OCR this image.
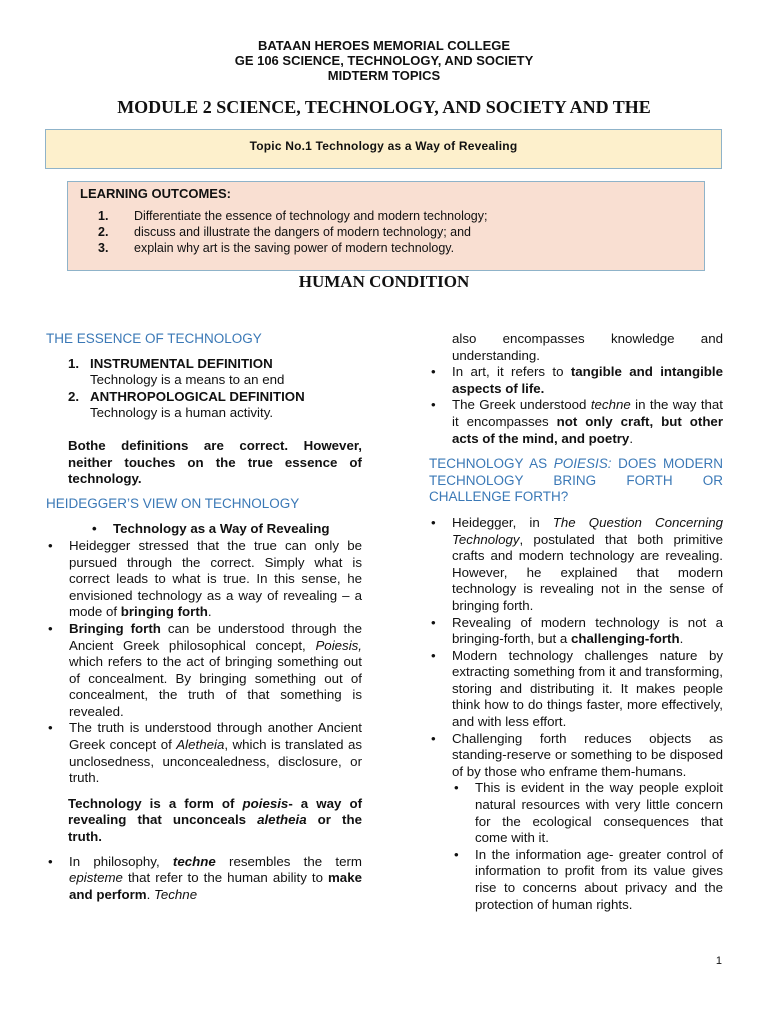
BATAAN HEROES MEMORIAL COLLEGE
GE 106 SCIENCE, TECHNOLOGY, AND SOCIETY
MIDTERM TOPICS
MODULE 2 SCIENCE, TECHNOLOGY, AND SOCIETY AND THE
Topic No.1 Technology as a Way of Revealing
LEARNING OUTCOMES:
1. Differentiate the essence of technology and modern technology;
2. discuss and illustrate the dangers of modern technology; and
3. explain why art is the saving power of modern technology.
HUMAN CONDITION
THE ESSENCE OF TECHNOLOGY
1. INSTRUMENTAL DEFINITION
Technology is a means to an end
2. ANTHROPOLOGICAL DEFINITION
Technology is a human activity.
Bothe definitions are correct. However, neither touches on the true essence of technology.
HEIDEGGER’S VIEW ON TECHNOLOGY
• Technology as a Way of Revealing
• Heidegger stressed that the true can only be pursued through the correct. Simply what is correct leads to what is true. In this sense, he envisioned technology as a way of revealing – a mode of bringing forth.
• Bringing forth can be understood through the Ancient Greek philosophical concept, Poiesis, which refers to the act of bringing something out of concealment. By bringing something out of concealment, the truth of that something is revealed.
• The truth is understood through another Ancient Greek concept of Aletheia, which is translated as unclosedness, unconcealedness, disclosure, or truth.
Technology is a form of poiesis- a way of revealing that unconceals aletheia or the truth.
• In philosophy, techne resembles the term episteme that refer to the human ability to make and perform. Techne
also encompasses knowledge and understanding.
• In art, it refers to tangible and intangible aspects of life.
• The Greek understood techne in the way that it encompasses not only craft, but other acts of the mind, and poetry.
TECHNOLOGY AS POIESIS: DOES MODERN TECHNOLOGY BRING FORTH OR CHALLENGE FORTH?
• Heidegger, in The Question Concerning Technology, postulated that both primitive crafts and modern technology are revealing. However, he explained that modern technology is revealing not in the sense of bringing forth.
• Revealing of modern technology is not a bringing-forth, but a challenging-forth.
• Modern technology challenges nature by extracting something from it and transforming, storing and distributing it. It makes people think how to do things faster, more effectively, and with less effort.
• Challenging forth reduces objects as standing-reserve or something to be disposed of by those who enframe them-humans.
• This is evident in the way people exploit natural resources with very little concern for the ecological consequences that come with it.
• In the information age- greater control of information to profit from its value gives rise to concerns about privacy and the protection of human rights.
1
